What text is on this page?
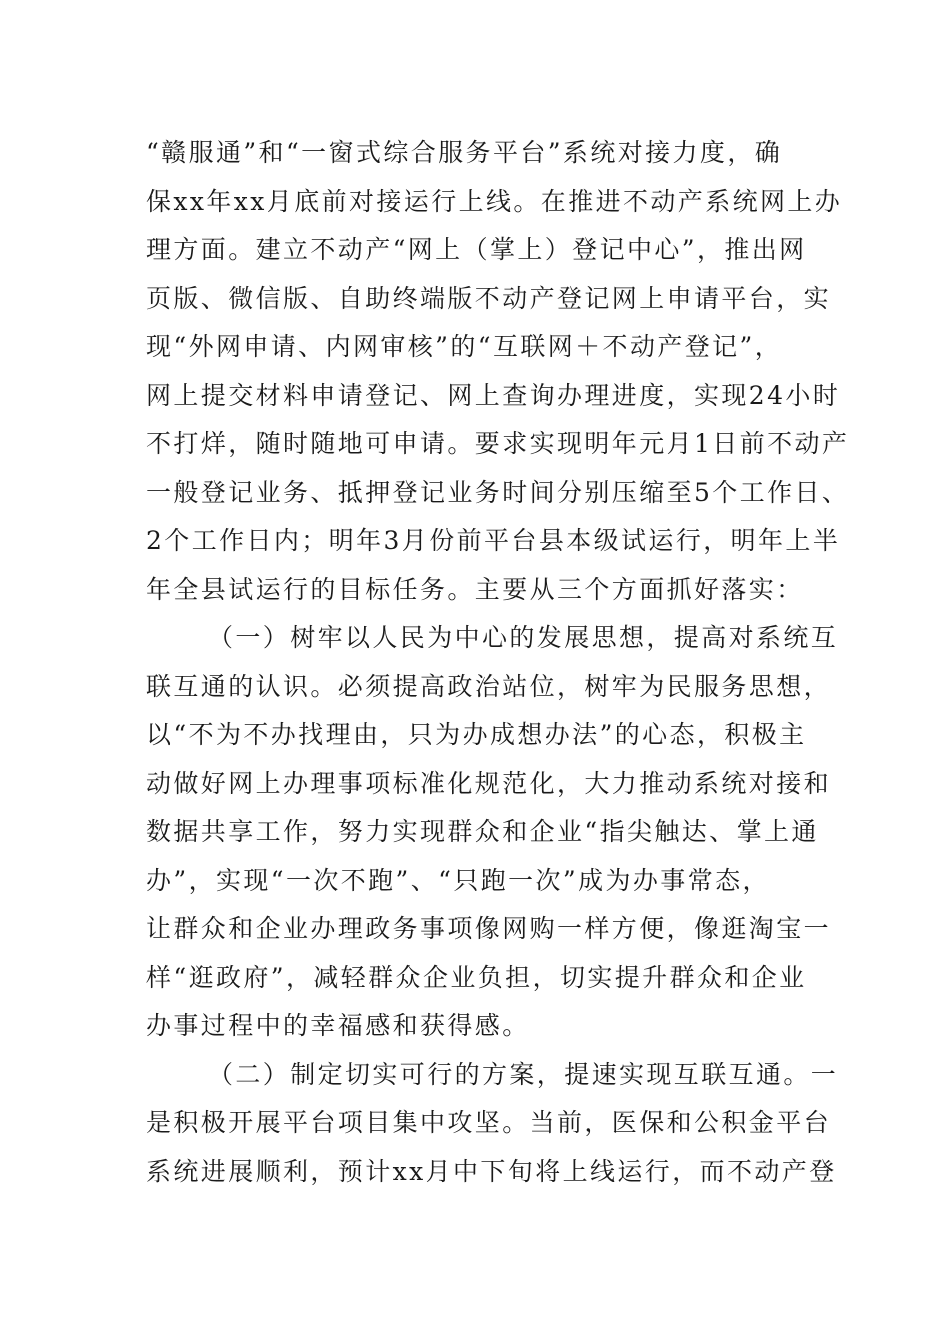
“赣服通”和“一窗式综合服务平台”系统对接力度，确
保xx年xx月底前对接运行上线。在推进不动产系统网上办
理方面。建立不动产“网上（掌上）登记中心”，推出网
页版、微信版、自助终端版不动产登记网上申请平台，实
现“外网申请、内网审核”的“互联网＋不动产登记”，
网上提交材料申请登记、网上查询办理进度，实现24小时
不打烊，随时随地可申请。要求实现明年元月1日前不动产
一般登记业务、抵押登记业务时间分别压缩至5个工作日、
2个工作日内；明年3月份前平台县本级试运行，明年上半
年全县试运行的目标任务。主要从三个方面抓好落实：
（一）树牢以人民为中心的发展思想，提高对系统互
联互通的认识。必须提高政治站位，树牢为民服务思想，
以“不为不办找理由，只为办成想办法”的心态，积极主
动做好网上办理事项标准化规范化，大力推动系统对接和
数据共享工作，努力实现群众和企业“指尖触达、掌上通
办”，实现“一次不跑”、“只跑一次”成为办事常态，
让群众和企业办理政务事项像网购一样方便，像逛淘宝一
样“逛政府”，减轻群众企业负担，切实提升群众和企业
办事过程中的幸福感和获得感。
（二）制定切实可行的方案，提速实现互联互通。一
是积极开展平台项目集中攻坚。当前，医保和公积金平台
系统进展顺利，预计xx月中下旬将上线运行，而不动产登
